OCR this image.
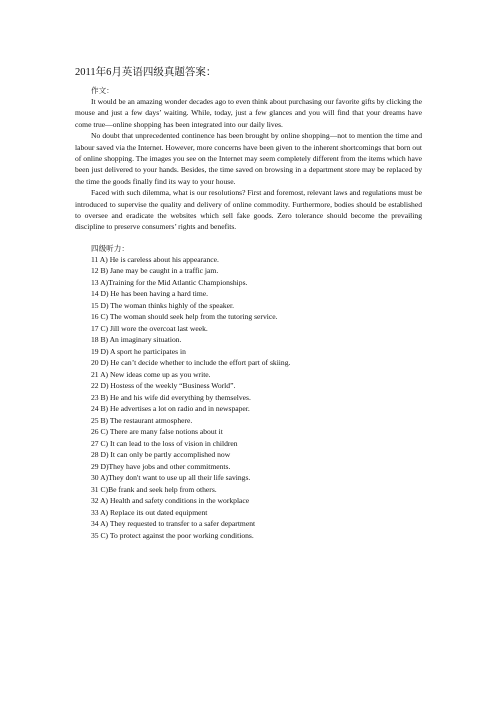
2011年6月英语四级真题答案：
作文：

It would be an amazing wonder decades ago to even think about purchasing our favorite gifts by clicking the mouse and just a few days’ waiting. While, today, just a few glances and you will find that your dreams have come true—online shopping has been integrated into our daily lives.

No doubt that unprecedented continence has been brought by online shopping—not to mention the time and labour saved via the Internet. However, more concerns have been given to the inherent shortcomings that born out of online shopping. The images you see on the Internet may seem completely different from the items which have been just delivered to your hands. Besides, the time saved on browsing in a department store may be replaced by the time the goods finally find its way to your house.

Faced with such dilemma, what is our resolutions? First and foremost, relevant laws and regulations must be introduced to supervise the quality and delivery of online commodity. Furthermore, bodies should be established to oversee and eradicate the websites which sell fake goods. Zero tolerance should become the prevailing discipline to preserve consumers’ rights and benefits.

四级听力：
11 A) He is careless about his appearance.
12 B) Jane may be caught in a traffic jam.
13 A)Training for the Mid Atlantic Championships.
14 D) He has been having a hard time.
15 D) The woman thinks highly of the speaker.
16 C) The woman should seek help from the tutoring service.
17 C) Jill wore the overcoat last week.
18 B) An imaginary situation.
19 D) A sport he participates in
20 D) He can’t decide whether to include the effort part of skiing.
21 A) New ideas come up as you write.
22 D) Hostess of the weekly “Business World”.
23 B) He and his wife did everything by themselves.
24 B) He advertises a lot on radio and in newspaper.
25 B) The restaurant atmosphere.
26 C) There are many false notions about it
27 C) It can lead to the loss of vision in children
28 D) It can only be partly accomplished now
29 D)They have jobs and other commitments.
30 A)They don't want to use up all their life savings.
31 C)Be frank and seek help from others.
32 A) Health and safety conditions in the workplace
33 A) Replace its out dated equipment
34 A) They requested to transfer to a safer department
35 C) To protect against the poor working conditions.
